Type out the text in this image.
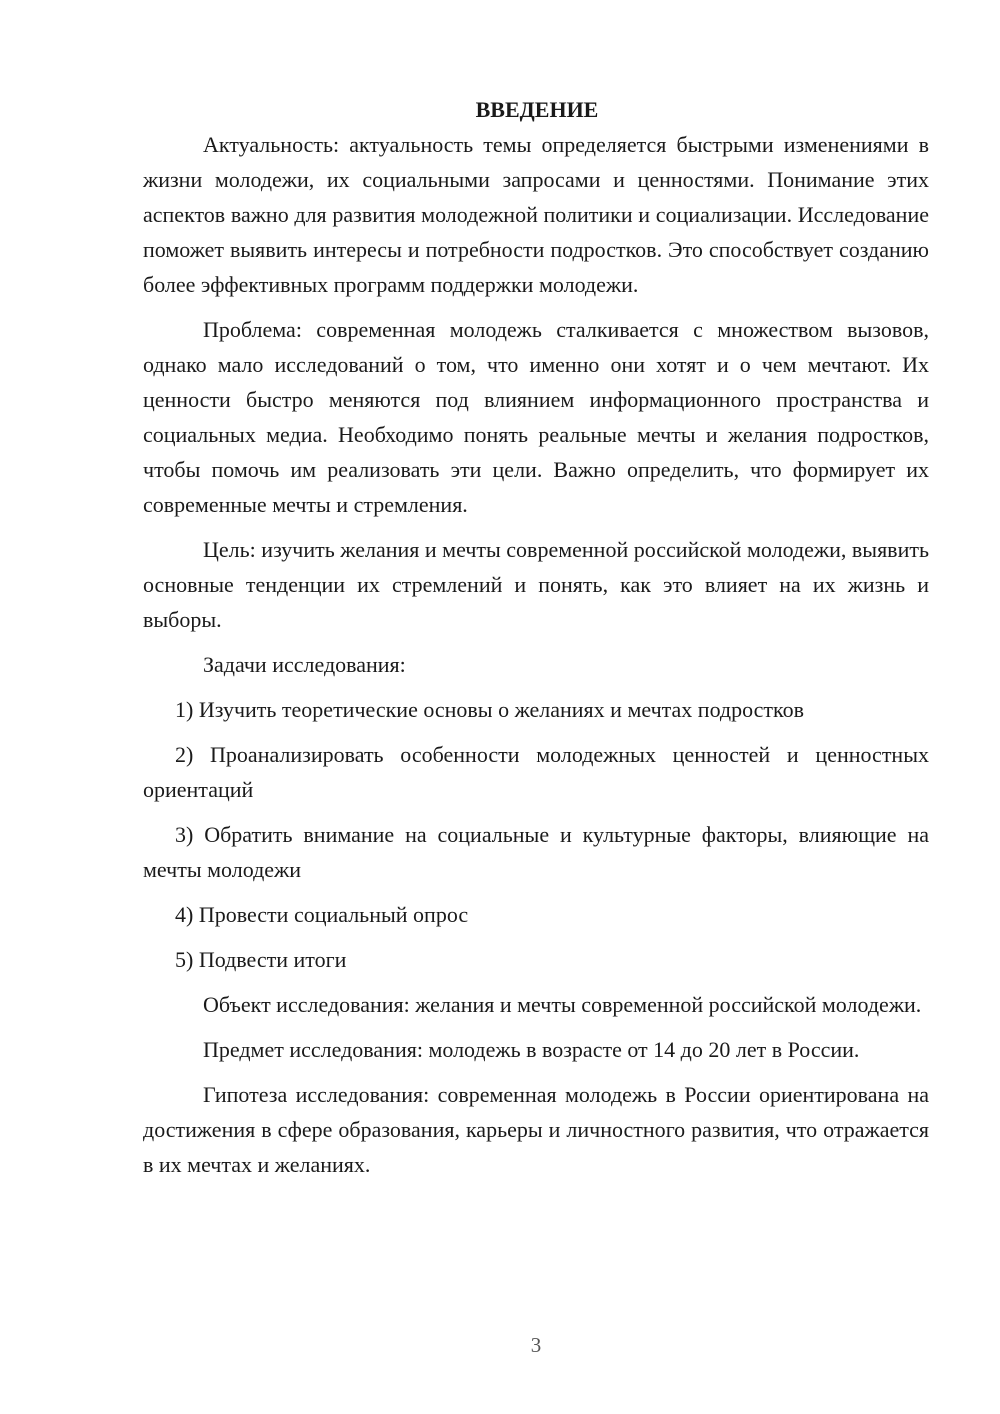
ВВЕДЕНИЕ

Актуальность: актуальность темы определяется быстрыми изменениями в жизни молодежи, их социальными запросами и ценностями. Понимание этих аспектов важно для развития молодежной политики и социализации. Исследование поможет выявить интересы и потребности подростков. Это способствует созданию более эффективных программ поддержки молодежи.

Проблема: современная молодежь сталкивается с множеством вызовов, однако мало исследований о том, что именно они хотят и о чем мечтают. Их ценности быстро меняются под влиянием информационного пространства и социальных медиа. Необходимо понять реальные мечты и желания подростков, чтобы помочь им реализовать эти цели. Важно определить, что формирует их современные мечты и стремления.

Цель: изучить желания и мечты современной российской молодежи, выявить основные тенденции их стремлений и понять, как это влияет на их жизнь и выборы.

Задачи исследования:

1) Изучить теоретические основы о желаниях и мечтах подростков

2) Проанализировать особенности молодежных ценностей и ценностных ориентаций

3) Обратить внимание на социальные и культурные факторы, влияющие на мечты молодежи

4) Провести социальный опрос

5) Подвести итоги

Объект исследования: желания и мечты современной российской молодежи.

Предмет исследования: молодежь в возрасте от 14 до 20 лет в России.

Гипотеза исследования: современная молодежь в России ориентирована на достижения в сфере образования, карьеры и личностного развития, что отражается в их мечтах и желаниях.

3
